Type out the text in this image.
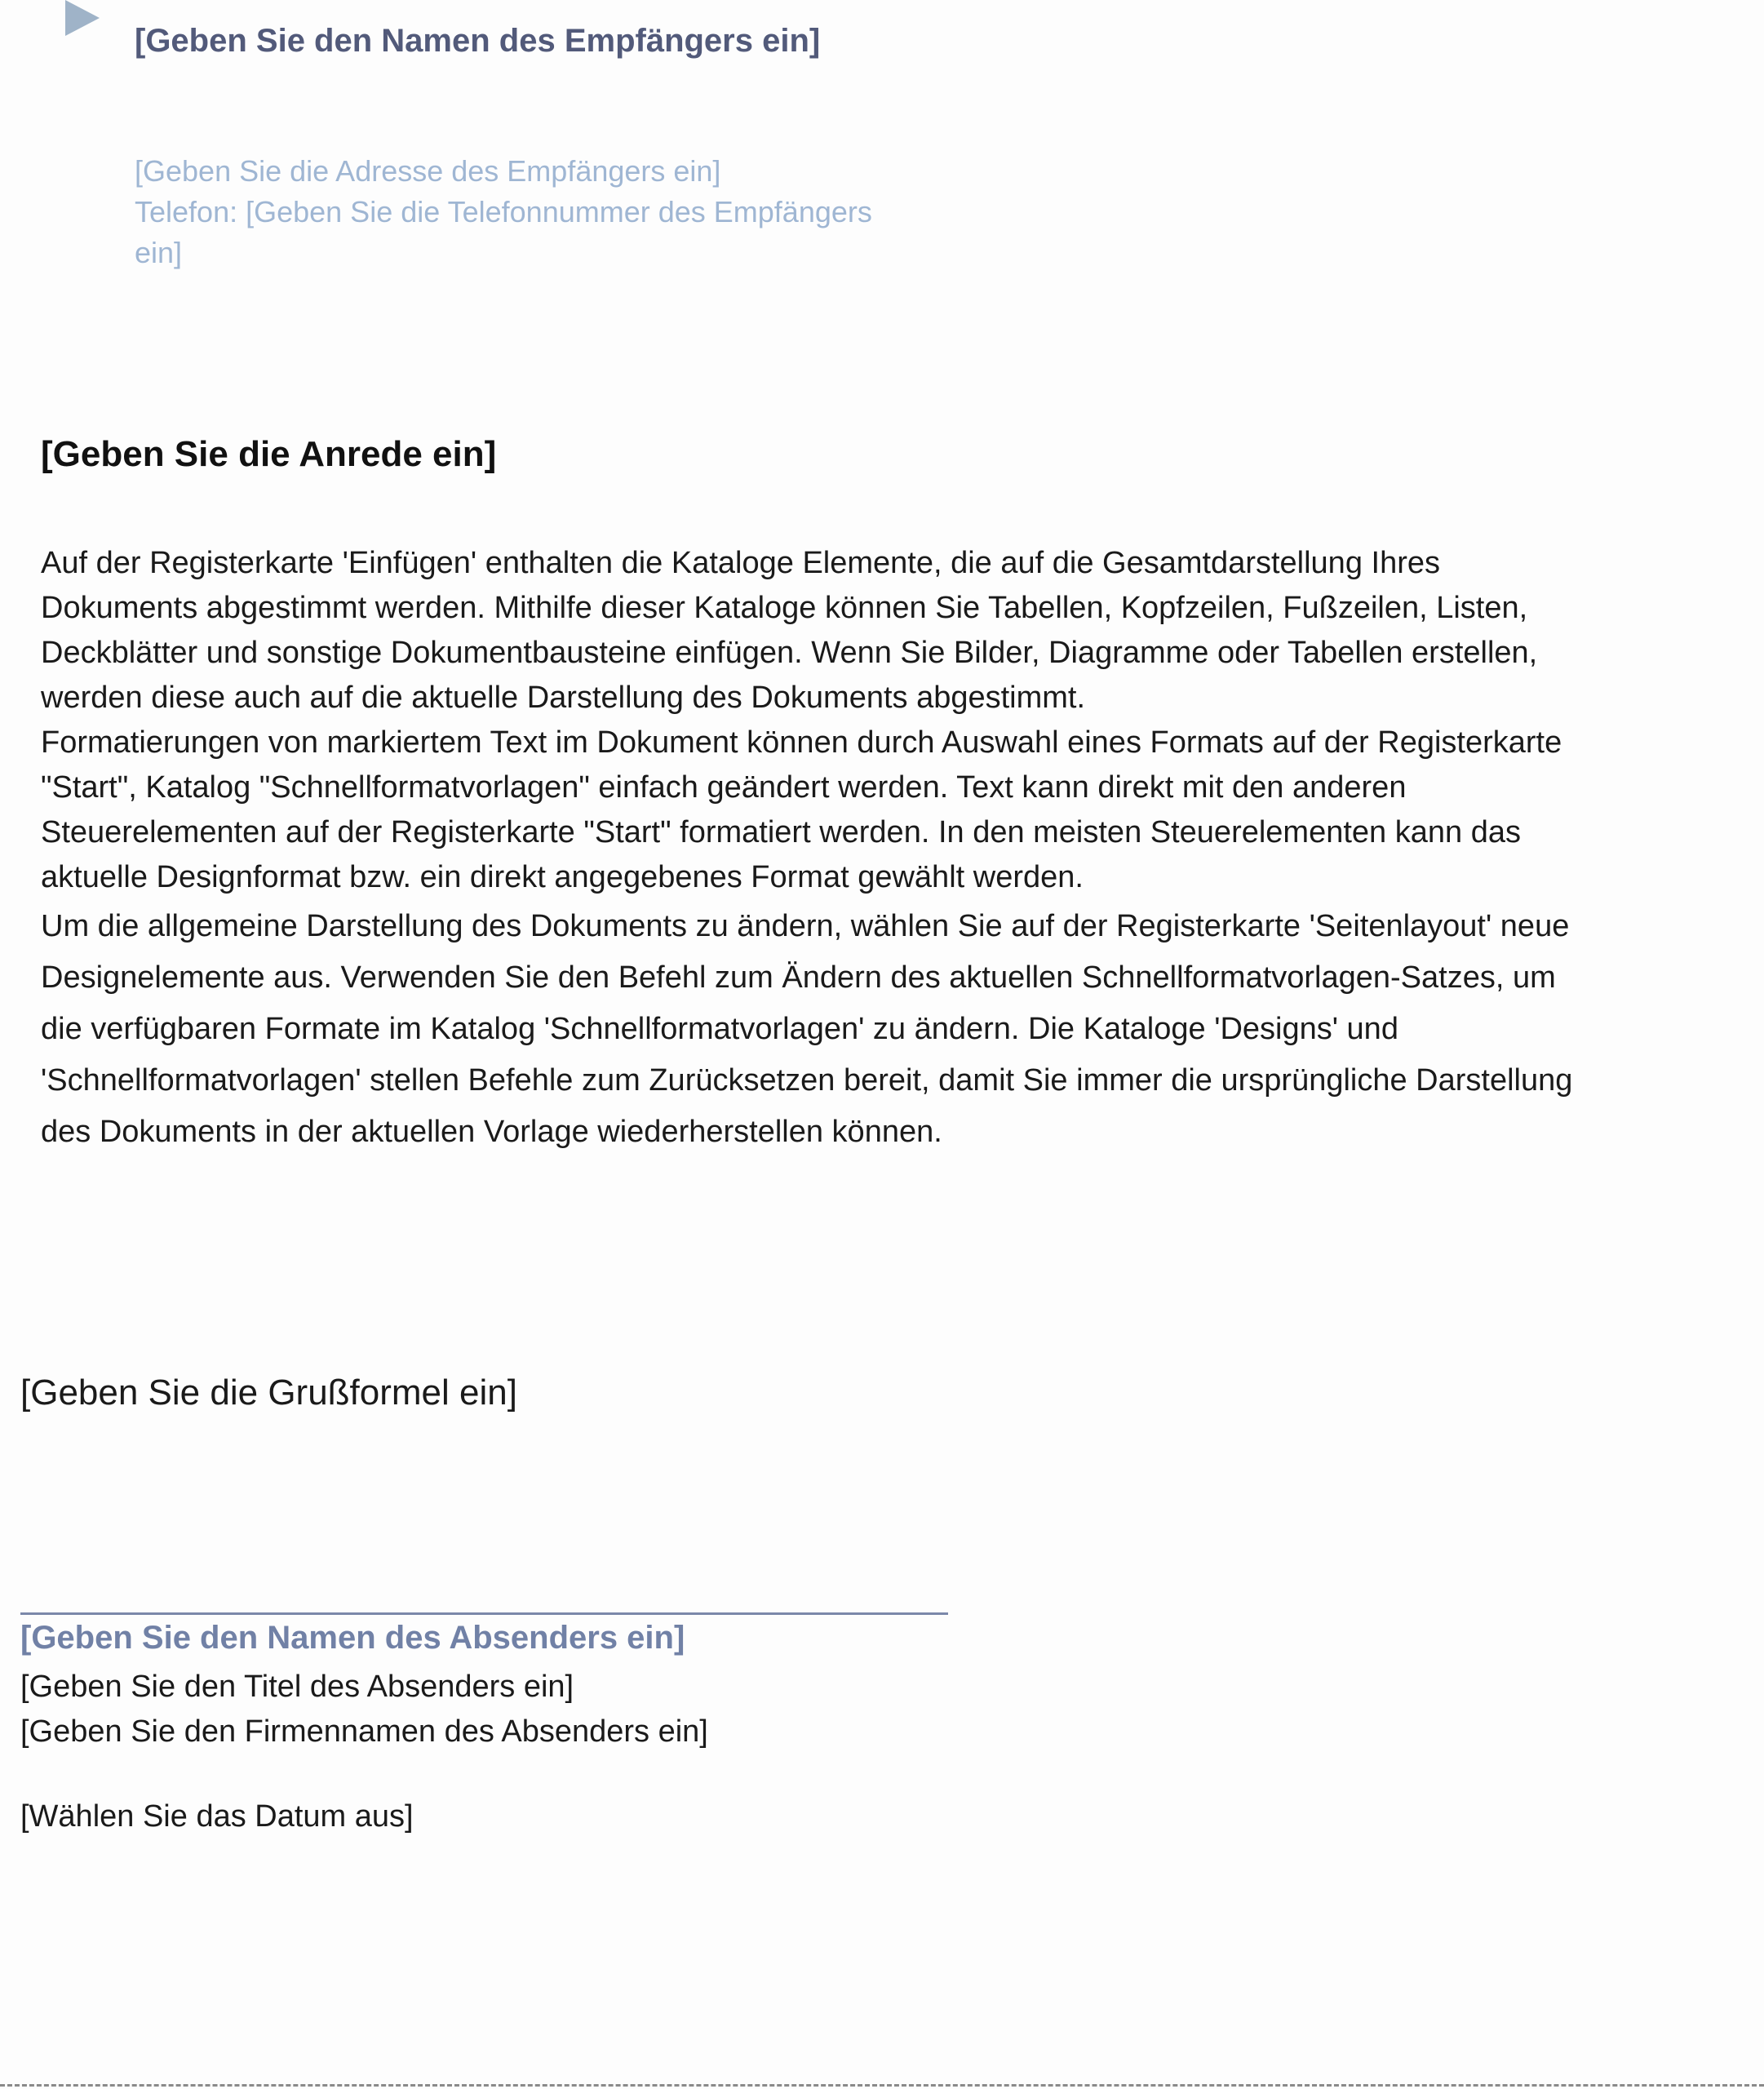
[Geben Sie den Namen des Empfängers ein]
[Geben Sie die Adresse des Empfängers ein]
Telefon: [Geben Sie die Telefonnummer des Empfängers
ein]
[Geben Sie die Anrede ein]

Auf der Registerkarte 'Einfügen' enthalten die Kataloge Elemente, die auf die Gesamtdarstellung Ihres
Dokuments abgestimmt werden. Mithilfe dieser Kataloge können Sie Tabellen, Kopfzeilen, Fußzeilen, Listen,
Deckblätter und sonstige Dokumentbausteine einfügen. Wenn Sie Bilder, Diagramme oder Tabellen erstellen,
werden diese auch auf die aktuelle Darstellung des Dokuments abgestimmt.

Formatierungen von markiertem Text im Dokument können durch Auswahl eines Formats auf der Registerkarte
"Start", Katalog "Schnellformatvorlagen" einfach geändert werden. Text kann direkt mit den anderen
Steuerelementen auf der Registerkarte "Start" formatiert werden. In den meisten Steuerelementen kann das
aktuelle Designformat bzw. ein direkt angegebenes Format gewählt werden.

Um die allgemeine Darstellung des Dokuments zu ändern, wählen Sie auf der Registerkarte 'Seitenlayout' neue
Designelemente aus. Verwenden Sie den Befehl zum Ändern des aktuellen Schnellformatvorlagen-Satzes, um
die verfügbaren Formate im Katalog 'Schnellformatvorlagen' zu ändern. Die Kataloge 'Designs' und
'Schnellformatvorlagen' stellen Befehle zum Zurücksetzen bereit, damit Sie immer die ursprüngliche Darstellung
des Dokuments in der aktuellen Vorlage wiederherstellen können.

[Geben Sie die Grußformel ein]
[Geben Sie den Namen des Absenders ein]
[Geben Sie den Titel des Absenders ein]
[Geben Sie den Firmennamen des Absenders ein]
[Wählen Sie das Datum aus]
